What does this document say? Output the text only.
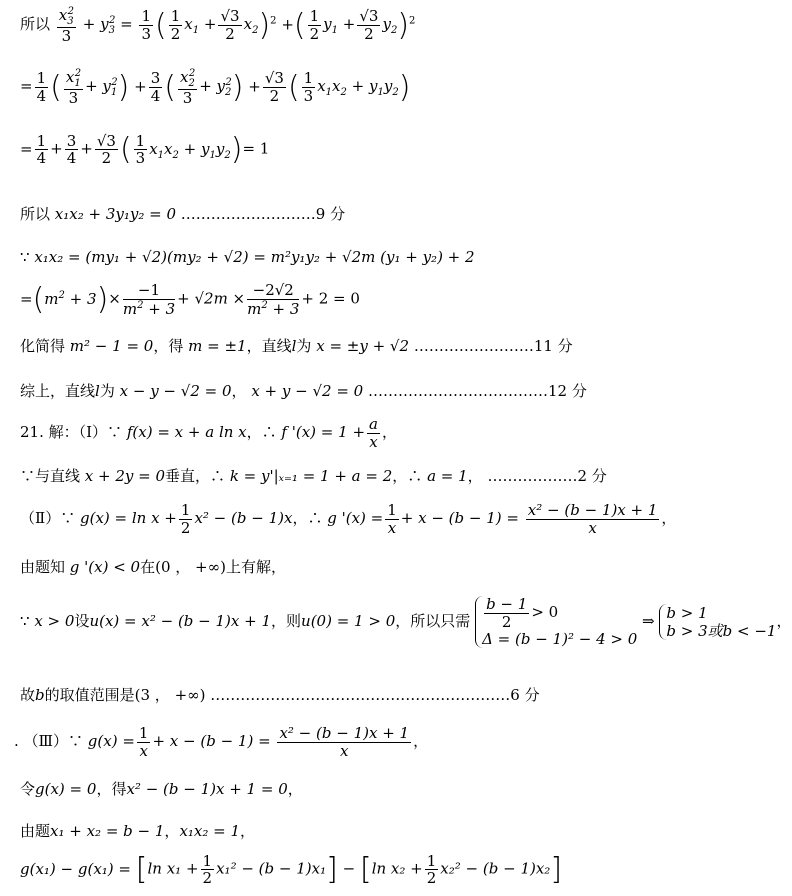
所以 $\frac{x_3^2}{3} + y_3^2 = \frac{1}{3}$ ( $\frac{1}{2} x_1 + \frac{√3}{2} x_2)^2$ +( $\frac{1}{2} y_1 + \frac{√3}{2} y_2)^2$
= $\frac{1}{4}$ ( $\frac{x_1^2}{3} + y_1^2) + \frac{3}{4}$ ( $\frac{x_2^2}{3} + y_2^2) + \frac{√3}{2}$ ( $\frac{1}{3} x_1x_2 + y_1y_2$)
= $\frac{1}{4} + \frac{3}{4} + \frac{√3}{2}$ ( $\frac{1}{3} x_1x_2 + y_1y_2)= 1$
所以 x₁x₂ + 3y₁y₂ = 0 ………………………9 分
∵ x₁x₂ = (my₁ + √2)(my₂ + √2) = m²y₁y₂ + √2m (y₁ + y₂) + 2
$=(m^2 + 3)\times \frac{-1}{m^2 + 3} + √2m \times \frac{-2√2}{m^2 + 3} + 2 = 0$
化简得 m² − 1 = 0，得 m = ±1，直线l为 x = ±y + √2 ……………………11 分
综上，直线l为 x − y − √2 = 0， x + y − √2 = 0 ………………………………12 分
21. 解：（Ⅰ）∵ f(x) = x + a ln x，∴ f '$(x) = 1 + \frac{a}{x}$ ，
∵与直线 x + 2y = 0垂直，∴ k = y'|ₓ₌₁ = 1 + a = 2，∴ a = 1， ………………2 分
（Ⅱ）∵ $g(x) = \ln x + \frac{1}{2} x^2 - (b - 1)x$，∴ g '$(x) = \frac{1}{x} + x - (b - 1) = \frac{\text{x² − (b − 1)x + 1}}{x}$ ，
由题知 g '(x) < 0在(0 ， +∞)上有解，
∵ x > 0设u(x) = x² − (b − 1)x + 1，则u(0) = 1 > 0，所以只需 $\frac{b - 1}{2} > 0$
Δ = (b − 1)² − 4 > 0
⇒ b > 1
b > 3或b < −1
，
故b的取值范围是(3 ， +∞) ……………………………………………………6 分
. （Ⅲ）∵ $g(x) = \frac{1}{x} + x - (b - 1) = \frac{\text{x² − (b − 1)x + 1}}{x}$ ，
令g(x) = 0，得x² − (b − 1)x + 1 = 0，
由题x₁ + x₂ = b − 1，x₁x₂ = 1，
g(x₁) − g(x₁) = [ln $x_1 + \frac{1}{2} x_1^2 - (b - 1)x_1] - [\ln$ $x_2 + \frac{1}{2} x_2^2 - (b - 1)x_2$]
